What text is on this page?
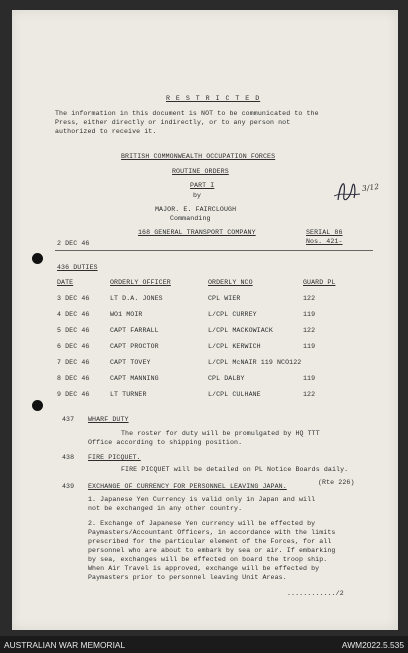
R E S T R I C T E D
The information in this document is NOT to be communicated to the
Press, either directly or indirectly, or to any person not
authorized to receive it.
BRITISH COMMONWEALTH OCCUPATION FORCES
ROUTINE ORDERS
PART I
by
MAJOR. E. FAIRCLOUGH
Commanding
168 GENERAL TRANSPORT COMPANY	SERIAL 86
Nos. 421-
2 DEC 46
3/12
436 DUTIES
DATE	ORDERLY OFFICER	ORDERLY NCO	GUARD PL
3 DEC 46	LT D.A. JONES	CPL WIER	122
4 DEC 46	WO1 MOIR	L/CPL CURREY	119
5 DEC 46	CAPT FARRALL	L/CPL MACKOWIACK	122
6 DEC 46	CAPT PROCTOR	L/CPL KERWICH	119
7 DEC 46	CAPT TOVEY	L/CPL McNAIR 119 NCO122
8 DEC 46	CAPT MANNING	CPL DALBY	119
9 DEC 46	LT TURNER	L/CPL CULHANE	122
437 WHARF DUTY
The roster for duty will be promulgated by HQ TTT
Office according to shipping position.
438 FIRE PICQUET.
FIRE PICQUET will be detailed on PL Notice Boards daily.
439 EXCHANGE OF CURRENCY FOR PERSONNEL LEAVING JAPAN.
(Rte 226)
1. Japanese Yen Currency is valid only in Japan and will
not be exchanged in any other country.
2. Exchange of Japanese Yen currency will be effected by
Paymasters/Accountant Officers, in accordance with the limits
prescribed for the particular element of the Forces, for all
personnel who are about to embark by sea or air. If embarking
by sea, exchanges will be effected on board the troop ship.
When Air Travel is approved, exchange will be effected by
Paymasters prior to personnel leaving Unit Areas.
............/2
AUSTRALIAN WAR MEMORIAL	AWM2022.5.535
